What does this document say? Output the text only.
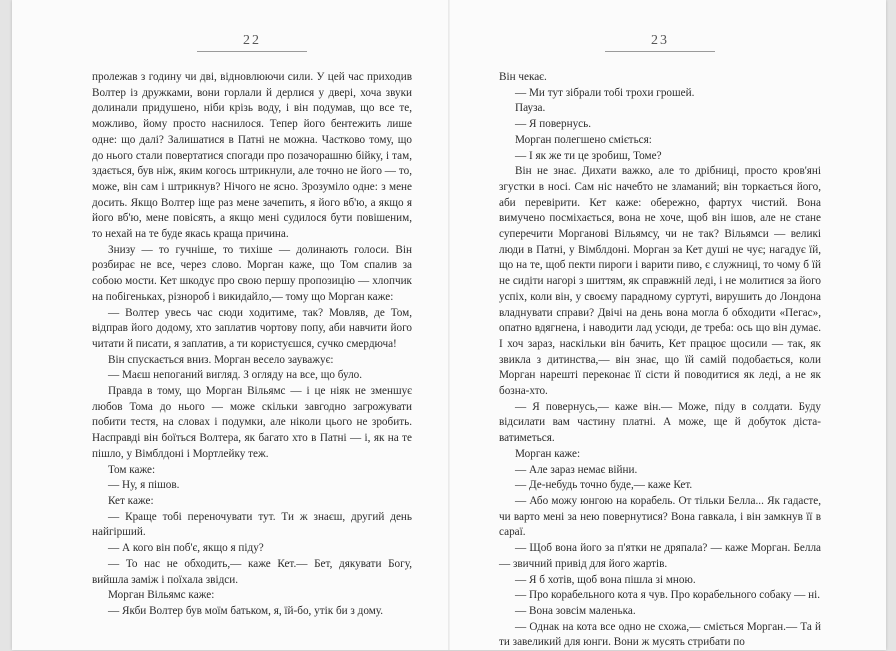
22

пролежав з годину чи дві, відновлюючи сили. У цей час приходив Волтер із дружками, вони горлали й дерлися у двері, хоча звуки долинали придушено, ніби крізь воду, і він подумав, що все те, можливо, йому просто наснилося. Тепер його бентежить лише одне: що далі? Залишатися в Патні не можна. Частково тому, що до нього стали повертатися спогади про позачорашню бійку, і там, здається, був ніж, яким когось штрикнули, але точно не його — то, може, він сам і штрикнув? Нічого не ясно. Зрозуміло одне: з мене досить. Якщо Волтер іще раз мене зачепить, я його вб'ю, а якщо я його вб'ю, мене повісять, а якщо мені судилося бути повішеним, то нехай на те буде якась краща причина.

Знизу — то гучніше, то тихіше — долинають голоси. Він розбирає не все, через слово. Морган каже, що Том спалив за собою мости. Кет шкодує про свою першу пропозицію — хлопчик на побігеньках, різнороб і викидайло,— тому що Морган каже:

— Волтер увесь час сюди ходитиме, так? Мовляв, де Том, відправ його додому, хто заплатив чортову попу, аби навчити його читати й писати, я заплатив, а ти користуєшся, сучко смердюча!

Він спускається вниз. Морган весело зауважує:

— Маєш непоганий вигляд. З огляду на все, що було.

Правда в тому, що Морган Вільямс — і це ніяк не зменшує любов Тома до нього — може скільки завгодно загрожувати побити тестя, на словах і подумки, але ніколи цього не зробить. Насправді він боїться Волтера, як багато хто в Патні — і, як на те пішло, у Вімблдоні і Мортлейку теж.

Том каже:

— Ну, я пішов.

Кет каже:

— Краще тобі переночувати тут. Ти ж знаєш, другий день найгірший.

— А кого він поб'є, якщо я піду?

— То нас не обходить,— каже Кет.— Бет, дякувати Богу, вийшла заміж і поїхала звідси.

Морган Вільямс каже:

— Якби Волтер був моїм батьком, я, їй-бо, утік би з дому.

23

Він чекає.

— Ми тут зібрали тобі трохи грошей.

Пауза.

— Я повернусь.

Морган полегшено сміється:

— І як же ти це зробиш, Томе?

Він не знає. Дихати важко, але то дрібниці, просто кров'яні згустки в носі. Сам ніс начебто не зламаний; він торкається його, аби перевірити. Кет каже: обережно, фартух чистий. Вона вимучено посміхається, вона не хоче, щоб він ішов, але не стане суперечити Морганові Вільямсу, чи не так? Вільямси — великі люди в Патні, у Вімблдоні. Морган за Кет душі не чує; нагадує їй, що на те, щоб пекти пироги і варити пиво, є служниці, то чому б їй не сидіти нагорі з шиттям, як справжній леді, і не молитися за його успіх, коли він, у своєму парадному суртуті, вирушить до Лондона владнувати справи? Двічі на день вона могла б обходити «Пегас», опатно вдягнена, і наводити лад усюди, де треба: ось що він думає. І хоч зараз, наскільки він бачить, Кет працює щосили — так, як звикла з дитинства,— він знає, що їй самій подобається, коли Морган нарешті переконає її сісти й поводитися як леді, а не як бозна-хто.

— Я повернусь,— каже він.— Може, піду в солдати. Буду відсилати вам частину платні. А може, ще й добуток діставатиметься.

Морган каже:

— Але зараз немає війни.

— Де-небудь точно буде,— каже Кет.

— Або можу юнгою на корабель. От тільки Белла... Як гадасте, чи варто мені за нею повернутися? Вона гавкала, і він замкнув її в сараї.

— Щоб вона його за п'ятки не дряпала? — каже Морган. Белла — звичний привід для його жартів.

— Я б хотів, щоб вона пішла зі мною.

— Про корабельного кота я чув. Про корабельного собаку — ні.

— Вона зовсім маленька.

— Однак на кота все одно не схожа,— сміється Морган.— Та й ти завеликий для юнги. Вони ж мусять стрибати по
